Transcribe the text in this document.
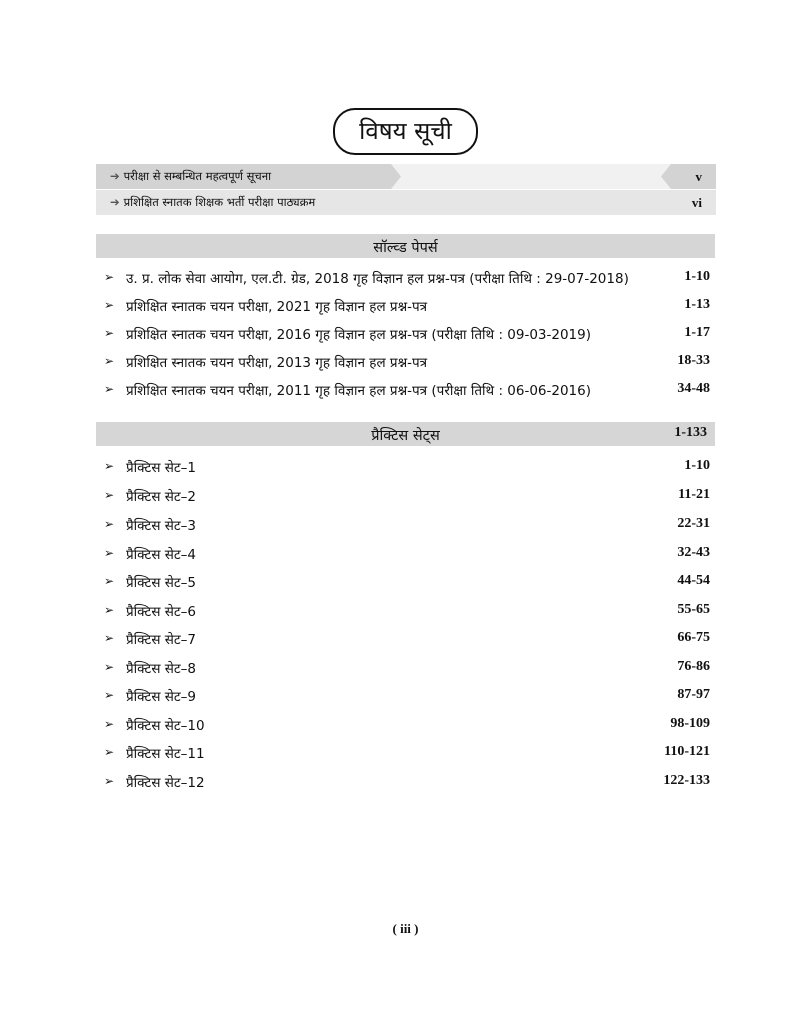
विषय सूची
➔ परीक्षा से सम्बन्धित महत्वपूर्ण सूचना	v
➔ प्रशिक्षित स्नातक शिक्षक भर्ती परीक्षा पाठ्यक्रम	vi
सॉल्व्ड पेपर्स
➢ उ. प्र. लोक सेवा आयोग, एल.टी. ग्रेड, 2018 गृह विज्ञान हल प्रश्न-पत्र (परीक्षा तिथि : 29-07-2018)	1-10
➢ प्रशिक्षित स्नातक चयन परीक्षा, 2021 गृह विज्ञान हल प्रश्न-पत्र	1-13
➢ प्रशिक्षित स्नातक चयन परीक्षा, 2016 गृह विज्ञान हल प्रश्न-पत्र (परीक्षा तिथि : 09-03-2019)	1-17
➢ प्रशिक्षित स्नातक चयन परीक्षा, 2013 गृह विज्ञान हल प्रश्न-पत्र	18-33
➢ प्रशिक्षित स्नातक चयन परीक्षा, 2011 गृह विज्ञान हल प्रश्न-पत्र (परीक्षा तिथि : 06-06-2016)	34-48
प्रैक्टिस सेट्स	1-133
➢ प्रैक्टिस सेट–1	1-10
➢ प्रैक्टिस सेट–2	11-21
➢ प्रैक्टिस सेट–3	22-31
➢ प्रैक्टिस सेट–4	32-43
➢ प्रैक्टिस सेट–5	44-54
➢ प्रैक्टिस सेट–6	55-65
➢ प्रैक्टिस सेट–7	66-75
➢ प्रैक्टिस सेट–8	76-86
➢ प्रैक्टिस सेट–9	87-97
➢ प्रैक्टिस सेट–10	98-109
➢ प्रैक्टिस सेट–11	110-121
➢ प्रैक्टिस सेट–12	122-133
( iii )
